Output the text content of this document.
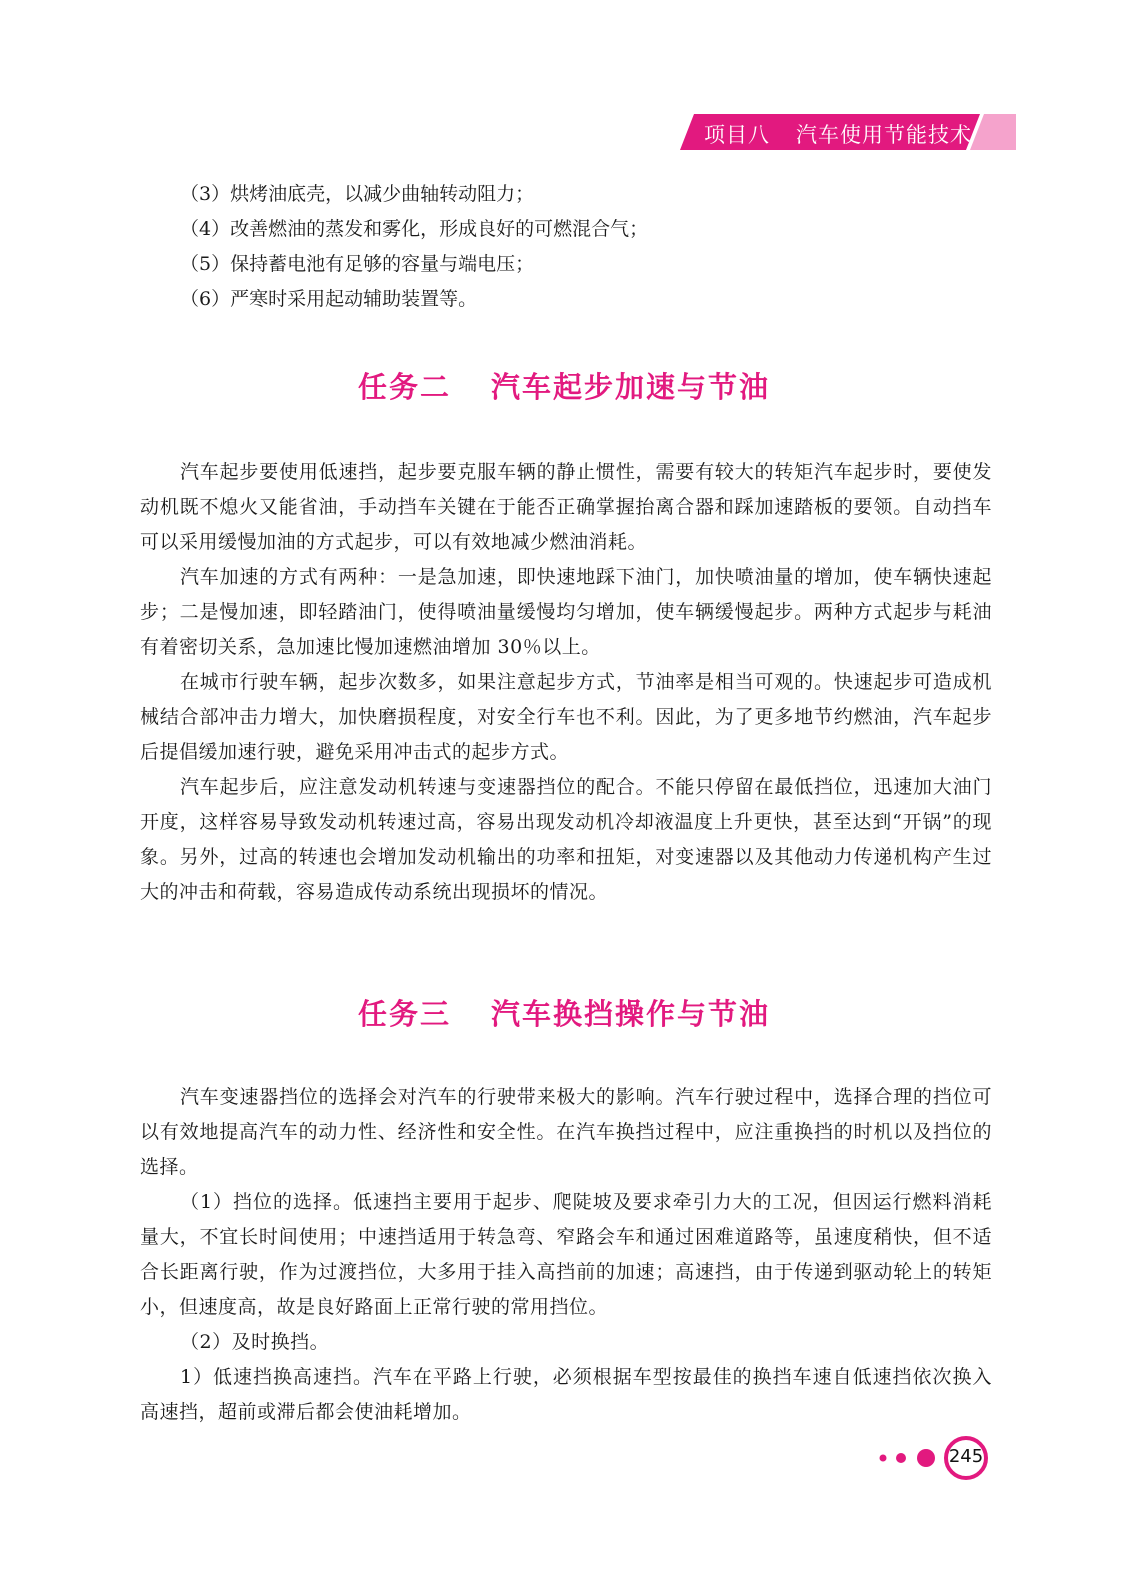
项目八 汽车使用节能技术
（3）烘烤油底壳，以减少曲轴转动阻力；
（4）改善燃油的蒸发和雾化，形成良好的可燃混合气；
（5）保持蓄电池有足够的容量与端电压；
（6）严寒时采用起动辅助装置等。
任务二 汽车起步加速与节油
汽车起步要使用低速挡，起步要克服车辆的静止惯性，需要有较大的转矩汽车起步时，要使发动机既不熄火又能省油，手动挡车关键在于能否正确掌握抬离合器和踩加速踏板的要领。自动挡车可以采用缓慢加油的方式起步，可以有效地减少燃油消耗。
汽车加速的方式有两种：一是急加速，即快速地踩下油门，加快喷油量的增加，使车辆快速起步；二是慢加速，即轻踏油门，使得喷油量缓慢均匀增加，使车辆缓慢起步。两种方式起步与耗油有着密切关系，急加速比慢加速燃油增加 30％以上。
在城市行驶车辆，起步次数多，如果注意起步方式，节油率是相当可观的。快速起步可造成机械结合部冲击力增大，加快磨损程度，对安全行车也不利。因此，为了更多地节约燃油，汽车起步后提倡缓加速行驶，避免采用冲击式的起步方式。
汽车起步后，应注意发动机转速与变速器挡位的配合。不能只停留在最低挡位，迅速加大油门开度，这样容易导致发动机转速过高，容易出现发动机冷却液温度上升更快，甚至达到“开锅”的现象。另外，过高的转速也会增加发动机输出的功率和扭矩，对变速器以及其他动力传递机构产生过大的冲击和荷载，容易造成传动系统出现损坏的情况。
任务三 汽车换挡操作与节油
汽车变速器挡位的选择会对汽车的行驶带来极大的影响。汽车行驶过程中，选择合理的挡位可以有效地提高汽车的动力性、经济性和安全性。在汽车换挡过程中，应注重换挡的时机以及挡位的选择。
（1）挡位的选择。低速挡主要用于起步、爬陡坡及要求牵引力大的工况，但因运行燃料消耗量大，不宜长时间使用；中速挡适用于转急弯、窄路会车和通过困难道路等，虽速度稍快，但不适合长距离行驶，作为过渡挡位，大多用于挂入高挡前的加速；高速挡，由于传递到驱动轮上的转矩小，但速度高，故是良好路面上正常行驶的常用挡位。
（2）及时换挡。
1）低速挡换高速挡。汽车在平路上行驶，必须根据车型按最佳的换挡车速自低速挡依次换入高速挡，超前或滞后都会使油耗增加。
245
